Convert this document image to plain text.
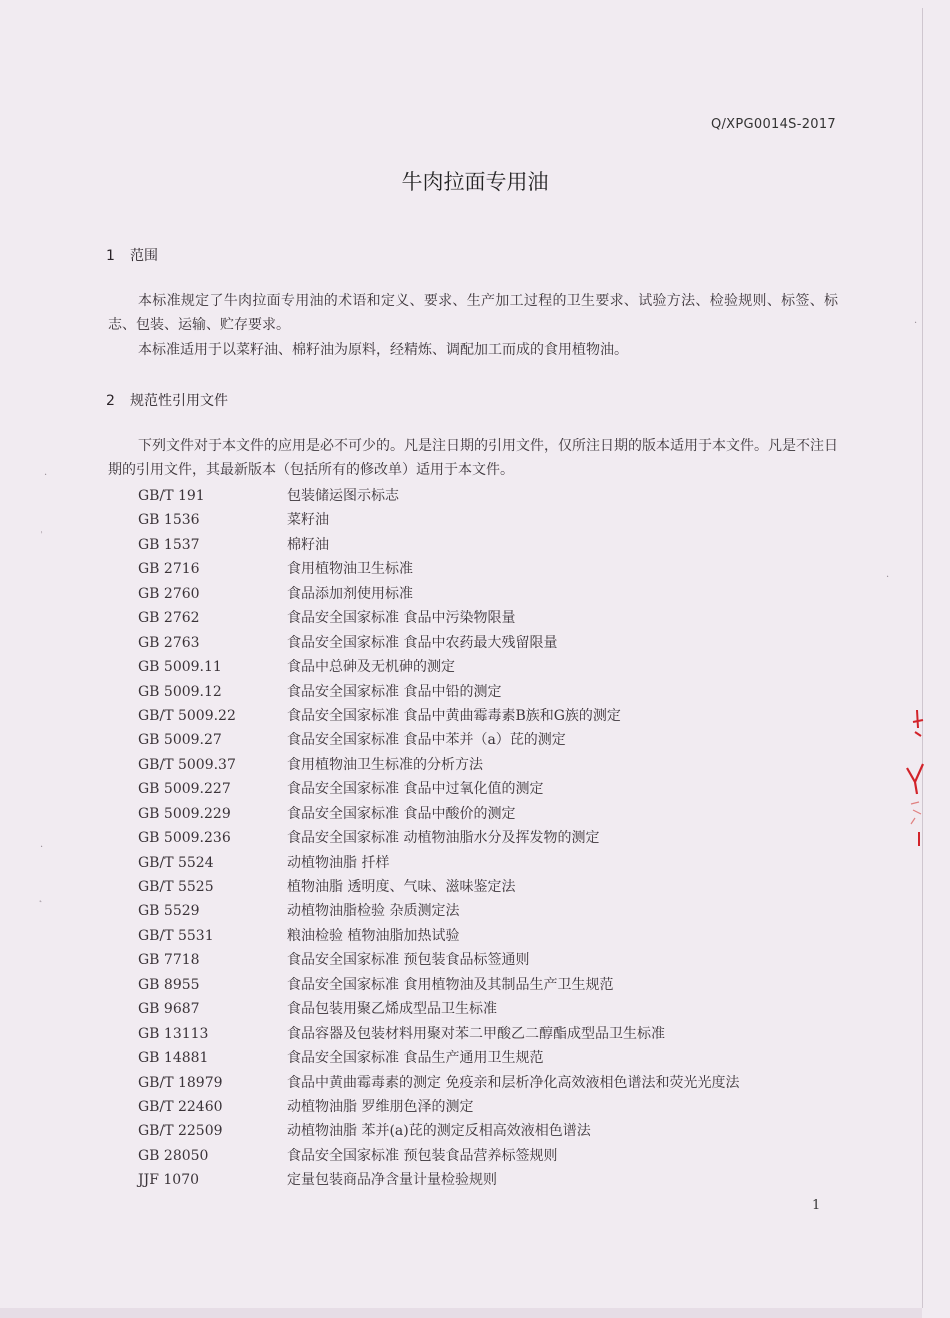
Q/XPG0014S-2017
牛肉拉面专用油
1 范围
本标准规定了牛肉拉面专用油的术语和定义、要求、生产加工过程的卫生要求、试验方法、检验规则、标签、标志、包装、运输、贮存要求。
本标准适用于以菜籽油、棉籽油为原料，经精炼、调配加工而成的食用植物油。
2 规范性引用文件
下列文件对于本文件的应用是必不可少的。凡是注日期的引用文件，仅所注日期的版本适用于本文件。凡是不注日期的引用文件，其最新版本（包括所有的修改单）适用于本文件。
GB/T 191	包装储运图示标志
GB 1536	菜籽油
GB 1537	棉籽油
GB 2716	食用植物油卫生标准
GB 2760	食品添加剂使用标准
GB 2762	食品安全国家标准 食品中污染物限量
GB 2763	食品安全国家标准 食品中农药最大残留限量
GB 5009.11	食品中总砷及无机砷的测定
GB 5009.12	食品安全国家标准 食品中铅的测定
GB/T 5009.22	食品安全国家标准 食品中黄曲霉毒素B族和G族的测定
GB 5009.27	食品安全国家标准 食品中苯并（a）芘的测定
GB/T 5009.37	食用植物油卫生标准的分析方法
GB 5009.227	食品安全国家标准 食品中过氧化值的测定
GB 5009.229	食品安全国家标准 食品中酸价的测定
GB 5009.236	食品安全国家标准 动植物油脂水分及挥发物的测定
GB/T 5524	动植物油脂 扦样
GB/T 5525	植物油脂 透明度、气味、滋味鉴定法
GB 5529	动植物油脂检验 杂质测定法
GB/T 5531	粮油检验 植物油脂加热试验
GB 7718	食品安全国家标准 预包装食品标签通则
GB 8955	食品安全国家标准 食用植物油及其制品生产卫生规范
GB 9687	食品包装用聚乙烯成型品卫生标准
GB 13113	食品容器及包装材料用聚对苯二甲酸乙二醇酯成型品卫生标准
GB 14881	食品安全国家标准 食品生产通用卫生规范
GB/T 18979	食品中黄曲霉毒素的测定 免疫亲和层析净化高效液相色谱法和荧光光度法
GB/T 22460	动植物油脂 罗维朋色泽的测定
GB/T 22509	动植物油脂 苯并(a)芘的测定反相高效液相色谱法
GB 28050	食品安全国家标准 预包装食品营养标签规则
JJF 1070	定量包装商品净含量计量检验规则
1
⸒
·
·
˛
·
·
